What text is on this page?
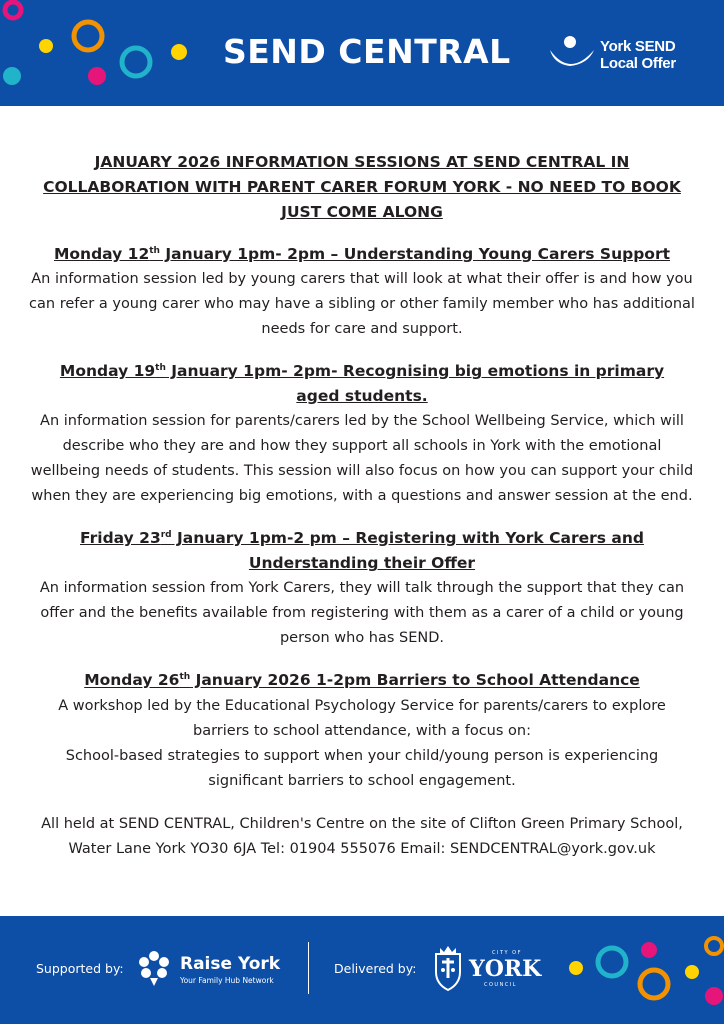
SEND CENTRAL	York SEND
Local Offer
JANUARY 2026 INFORMATION SESSIONS AT SEND CENTRAL IN COLLABORATION WITH PARENT CARER FORUM YORK - NO NEED TO BOOK JUST COME ALONG
Monday 12th January 1pm- 2pm – Understanding Young Carers Support
An information session led by young carers that will look at what their offer is and how you can refer a young carer who may have a sibling or other family member who has additional needs for care and support.
Monday 19th January 1pm- 2pm- Recognising big emotions in primary aged students.
An information session for parents/carers led by the School Wellbeing Service, which will describe who they are and how they support all schools in York with the emotional wellbeing needs of students. This session will also focus on how you can support your child when they are experiencing big emotions, with a questions and answer session at the end.
Friday 23rd January 1pm-2 pm – Registering with York Carers and Understanding their Offer
An information session from York Carers, they will talk through the support that they can offer and the benefits available from registering with them as a carer of a child or young person who has SEND.
Monday 26th January 2026 1-2pm Barriers to School Attendance
A workshop led by the Educational Psychology Service for parents/carers to explore barriers to school attendance, with a focus on:
School-based strategies to support when your child/young person is experiencing significant barriers to school engagement.
All held at SEND CENTRAL, Children's Centre on the site of Clifton Green Primary School,
Water Lane York YO30 6JA Tel: 01904 555076 Email: SENDCENTRAL@york.gov.uk
Supported by:	Raise York
Your Family Hub Network
Delivered by:
CITY OF
YORK
COUNCIL
